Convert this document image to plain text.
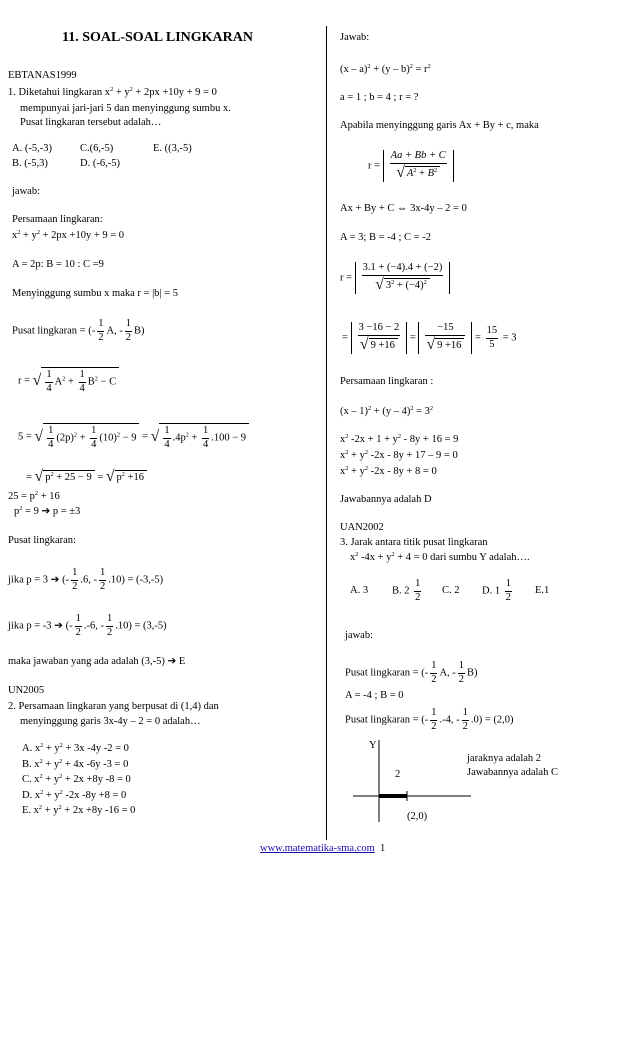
11. SOAL-SOAL LINGKARAN
EBTANAS1999
1. Diketahui lingkaran $x^2 + y^2 + 2px +10y + 9 = 0$
mempunyai jari-jari 5 dan menyinggung sumbu x.
Pusat lingkaran tersebut adalah…
A. (-5,-3)	C.(6,-5)	E. ((3,-5)
B. (-5,3)	D. (-6,-5)
jawab:
Persamaan lingkaran:
$x^2 + y^2 + 2px +10y + 9 = 0$
A = 2p: B = 10 : C =9
Menyinggung sumbu x maka r = |b| = 5
Pusat lingkaran = (- $\frac{1}{2} A$, - $\frac{1}{2} B$)
r = √ $\frac{1}{4} A^2 + \frac{1}{4} B^2 - C$
5 = √ $\frac{1}{4} (2p)^2 + \frac{1}{4} (10)^2 - 9$ = √ $\frac{1}{4} .4p^2 + \frac{1}{4} .100 - 9$
= √ $p^2 + 25 - 9$ = √ $p^2 +16$
$25 = p^2 + 16$
$p^2 = 9$ ➔ p = ±3
Pusat lingkaran:
jika p = 3 ➔ (- $\frac{1}{2} .6$, - $\frac{1}{2} .10) = (-3,-5)$
jika p = -3 ➔ (- $\frac{1}{2} .-6$, - $\frac{1}{2} .10) = (3,-5)$
maka jawaban yang ada adalah (3,-5) ➔ E
UN2005
2. Persamaan lingkaran yang berpusat di (1,4) dan
menyinggung garis 3x-4y – 2 = 0 adalah…
A. $x^2 + y^2 + 3x$ -4y -2 = 0
B. $x^2 + y^2 + 4x$ -6y -3 = 0
C. $x^2 + y^2 + 2x +8y$ -8 = 0
D. $x^2 + y^2$ -2x -8y +8 = 0
E. $x^2 + y^2 + 2x +8y$ -16 = 0
Jawab:
$(x - a)^2 + (y - b)^2 = r^2$
a = 1 ; b = 4 ; r = ?
Apabila menyinggung garis Ax + By + c, maka
$r = \frac{Aa + Bb + C}{√ A^2 + B^2}$
Ax + By + C ⇔ 3x-4y – 2 = 0
A = 3; B = -4 ; C = -2
$r = \frac{3.1 + (-4).4 + (-2)}{√ 3^2 + (-4)^2}$
= $\frac{3 -16 - 2}{√ 9 +16} = \frac{-15}{√ 9 +16} = \frac{15}{5} = 3$
Persamaan lingkaran :
$(x - 1)^2 + (y - 4)^2 = 3^2$
$x^2$ $-2x + 1 + y^2 - 8y + 16 = 9$
$x^2 + y^2$ -2x - 8y + 17 – 9 = 0
$x^2 + y^2$ -2x - 8y + 8 = 0
Jawabannya adalah D
UAN2002
3. Jarak antara titik pusat lingkaran
$x^2$ $-4x + y^2 + 4 = 0$ dari sumbu Y adalah….
A. 3 B. $2 \frac{1}{2} C$. 2 D. $1 \frac{1}{2} E.1$
jawab:
Pusat lingkaran = (- $\frac{1}{2} A$, - $\frac{1}{2} B$)
A = -4 ; B = 0
Pusat lingkaran = (- $\frac{1}{2} .-4$, - $\frac{1}{2} .0) = (2,0)$
Y
2
(2,0)
jaraknya adalah 2
Jawabannya adalah C
www.matematika-sma.com 1
